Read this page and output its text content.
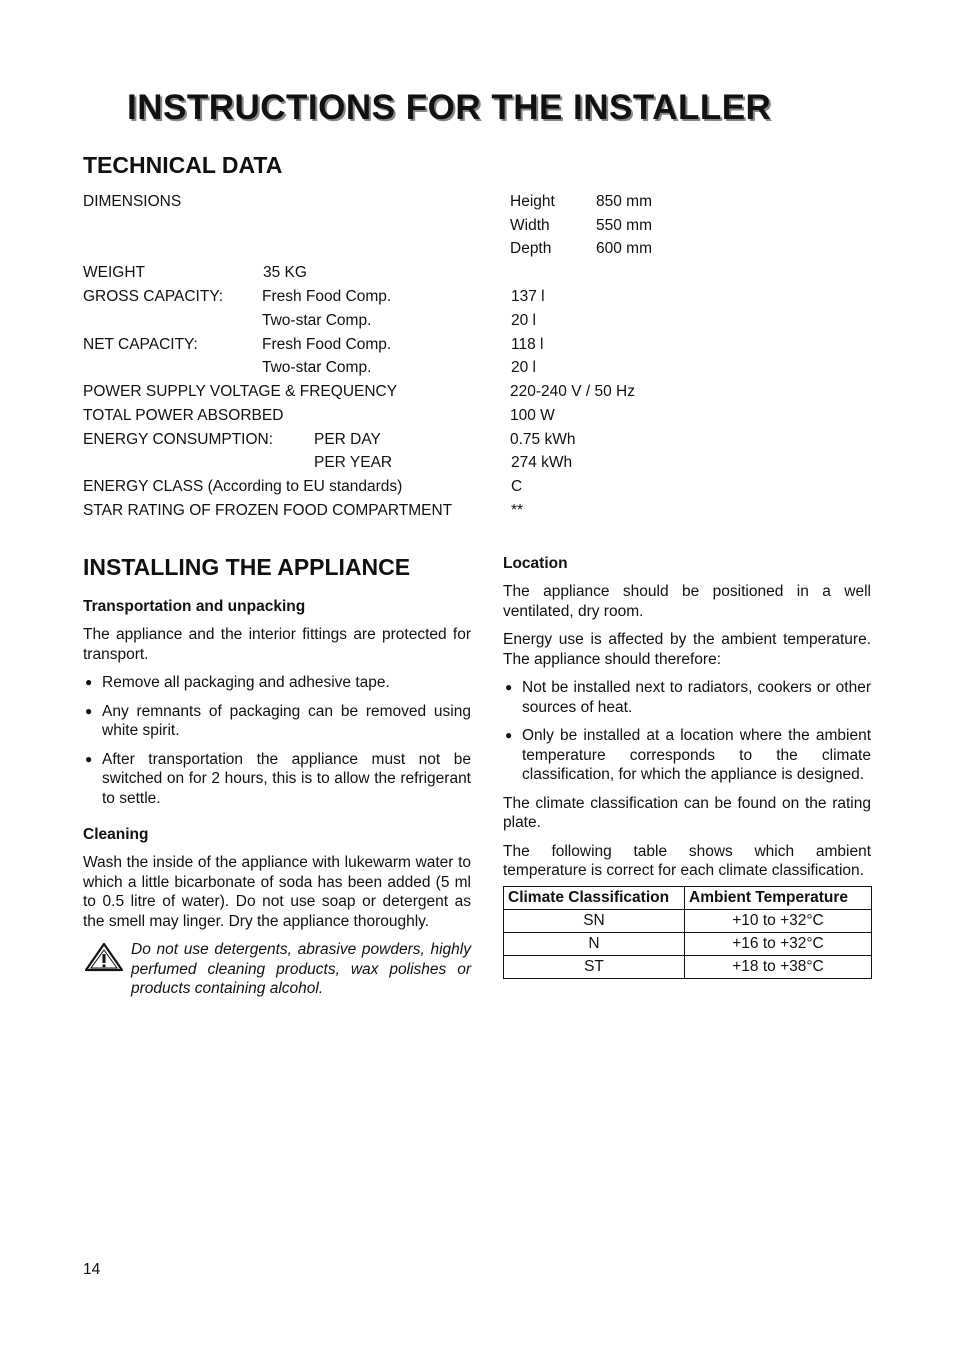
INSTRUCTIONS FOR THE INSTALLER
TECHNICAL DATA
DIMENSIONS	Height	850 mm
Width	550 mm
Depth	600 mm
WEIGHT	35 KG
GROSS CAPACITY:	Fresh Food Comp.	137 l
Two-star Comp.	20 l
NET CAPACITY:	Fresh Food Comp.	118 l
Two-star Comp.	20 l
POWER SUPPLY VOLTAGE & FREQUENCY	220-240 V / 50 Hz
TOTAL POWER ABSORBED	100 W
ENERGY CONSUMPTION:	PER DAY	0.75 kWh
PER YEAR	274 kWh
ENERGY CLASS (According to EU standards)	C
STAR RATING OF FROZEN FOOD COMPARTMENT	**
INSTALLING THE APPLIANCE
Transportation and unpacking
The appliance and the interior fittings are protected for transport.
● Remove all packaging and adhesive tape.
● Any remnants of packaging can be removed using white spirit.
● After transportation the appliance must not be switched on for 2 hours, this is to allow the refrigerant to settle.
Cleaning
Wash the inside of the appliance with lukewarm water to which a little bicarbonate of soda has been added (5 ml to 0.5 litre of water). Do not use soap or detergent as the smell may linger. Dry the appliance thoroughly.
Do not use detergents, abrasive powders, highly perfumed cleaning products, wax polishes or products containing alcohol.
Location
The appliance should be positioned in a well ventilated, dry room.
Energy use is affected by the ambient temperature. The appliance should therefore:
● Not be installed next to radiators, cookers or other sources of heat.
● Only be installed at a location where the ambient temperature corresponds to the climate classification, for which the appliance is designed.
The climate classification can be found on the rating plate.
The following table shows which ambient temperature is correct for each climate classification.
Climate Classification	Ambient Temperature
SN	+10 to +32°C
N	+16 to +32°C
ST	+18 to +38°C
14
